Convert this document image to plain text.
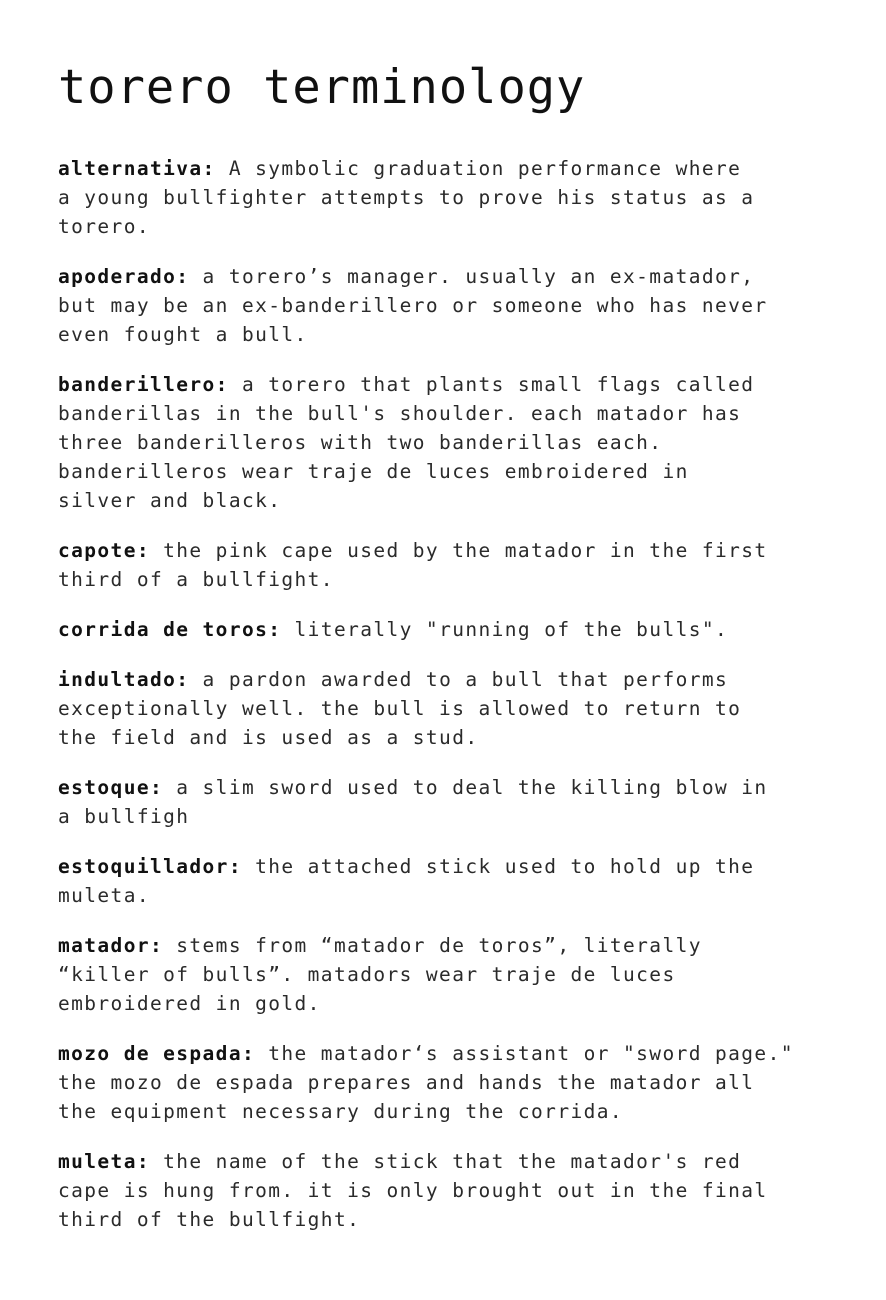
torero terminology

alternativa: A symbolic graduation performance where
a young bullfighter attempts to prove his status as a
torero.

apoderado: a torero’s manager. usually an ex-matador,
but may be an ex-banderillero or someone who has never
even fought a bull.

banderillero: a torero that plants small flags called
banderillas in the bull's shoulder. each matador has
three banderilleros with two banderillas each.
banderilleros wear traje de luces embroidered in
silver and black.

capote: the pink cape used by the matador in the first
third of a bullfight.

corrida de toros: literally "running of the bulls".

indultado: a pardon awarded to a bull that performs
exceptionally well. the bull is allowed to return to
the field and is used as a stud.

estoque: a slim sword used to deal the killing blow in
a bullfigh

estoquillador: the attached stick used to hold up the
muleta.

matador: stems from “matador de toros”, literally
“killer of bulls”. matadors wear traje de luces
embroidered in gold.

mozo de espada: the matador‘s assistant or "sword page."
the mozo de espada prepares and hands the matador all
the equipment necessary during the corrida.

muleta: the name of the stick that the matador's red
cape is hung from. it is only brought out in the final
third of the bullfight.
